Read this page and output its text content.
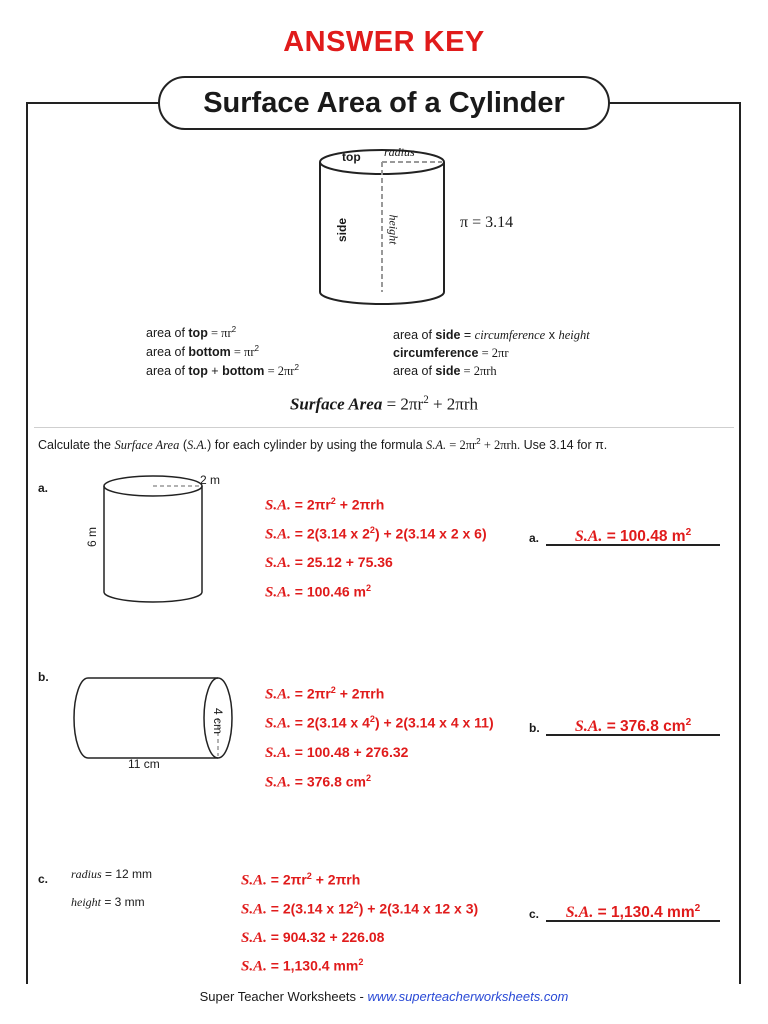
ANSWER KEY
Surface Area of a Cylinder
top radius
side	height	π = 3.14
area of top = $\pi r^2$
area of bottom = $\pi r^2$
area of top + bottom = $2\pi r^2$
area of side = circumference x height
circumference = 2πr
area of side = 2πrh
Surface Area = $2\pi r^2 + 2\pi rh$
Calculate the Surface Area (S.A.) for each cylinder by using the formula S.A. = $2\pi r^2 + 2\pi rh$. Use 3.14 for π.
a.
2 m
6 m
S.A. = $2\pi r^2 + 2\pi rh$
S.A. = 2(3.14 x $2^2) + 2(3.14$ x 2 x 6)
S.A. = 25.12 + 75.36
S.A. = 100.46 $m^2$
a.	S.A. = 100.48 $m^2$
b.
4 cm
11 cm
S.A. = $2\pi r^2 + 2\pi rh$
S.A. = 2(3.14 x $4^2) + 2(3.14$ x 4 x 11)
S.A. = 100.48 + 276.32
S.A. = 376.8 $cm^2$
b.	S.A. = 376.8 $cm^2$
c. radius = 12 mm
height = 3 mm
S.A. = $2\pi r^2 + 2\pi rh$
S.A. = 2(3.14 x $12^2) + 2(3.14$ x 12 x 3)
S.A. = 904.32 + 226.08
S.A. = 1,130.4 $mm^2$
c.	S.A. = 1,130.4 $mm^2$
Super Teacher Worksheets - www.superteacherworksheets.com
